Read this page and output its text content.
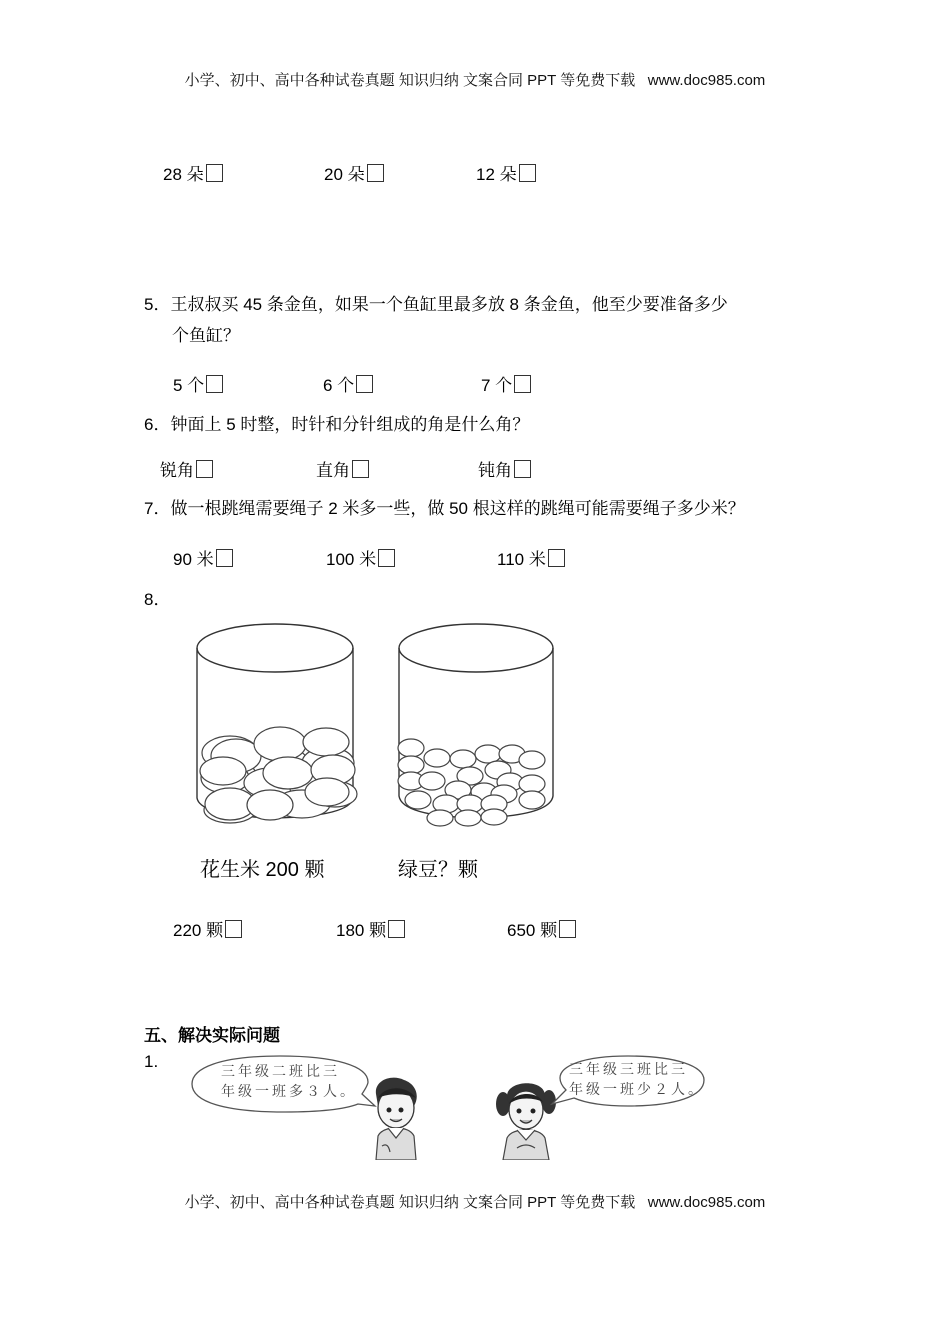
小学、初中、高中各种试卷真题 知识归纳 文案合同 PPT 等免费下载   www.doc985.com
28 朵	20 朵	12 朵
5．王叔叔买 45 条金鱼，如果一个鱼缸里最多放 8 条金鱼，他至少要准备多少
个鱼缸？
5 个	6 个	7 个
6．钟面上 5 时整，时针和分针组成的角是什么角？
锐角	直角	钝角
7．做一根跳绳需要绳子 2 米多一些，做 50 根这样的跳绳可能需要绳子多少米？
90 米	100 米	110 米
8．
花生米 200 颗	绿豆？颗
220 颗	180 颗	650 颗
五、解决实际问题
1.
三年级二班比三
年级一班多３人。
三年级三班比三
年级一班少２人。
小学、初中、高中各种试卷真题 知识归纳 文案合同 PPT 等免费下载   www.doc985.com
